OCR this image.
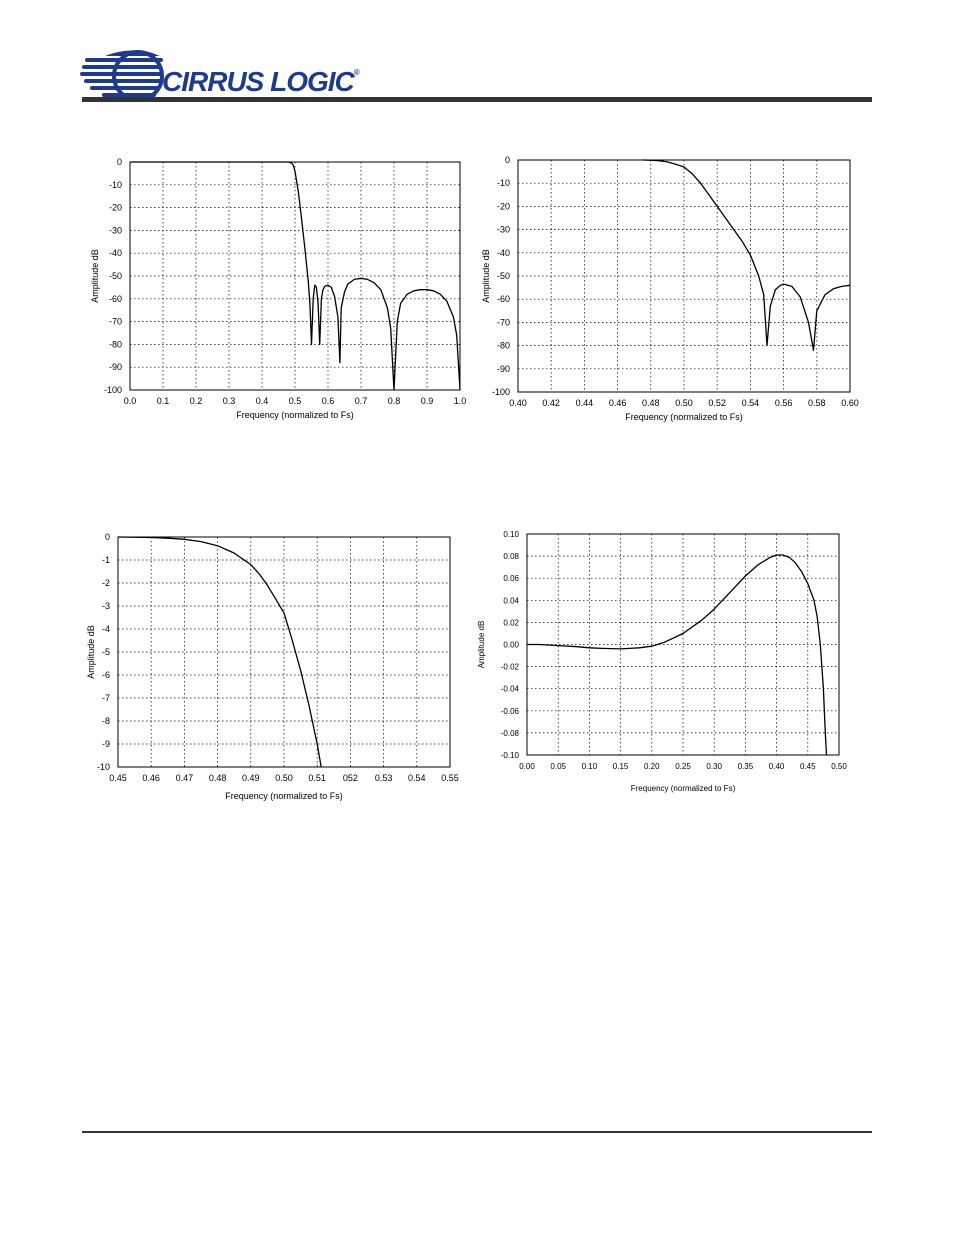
CIRRUS LOGIC®
0.0 0.1 0.2 0.3 0.4 0.5 0.6 0.7 0.8 0.9 1.0
0
-10
-20
-30
-40
-50
-60
-70
-80
-90
-100
Frequency (normalized to Fs)
Amplitude dB
0.40 0.42 0.44 0.46 0.48 0.50 0.52 0.54 0.56 0.58 0.60
0
-10
-20
-30
-40
-50
-60
-70
-80
-90
-100
Frequency (normalized to Fs)
Amplitude dB
0.45 0.46 0.47 0.48 0.49 0.50 0.51 052 0.53 0.54 0.55
0
-1
-2
-3
-4
-5
-6
-7
-8
-9
-10
Frequency (normalized to Fs)
Amplitude dB
0.00 0.05 0.10 0.15 0.20 0.25 0.30 0.35 0.40 0.45 0.50
0.10
0.08
0.06
0.04
0.02
0.00
-0.02
-0.04
-0.06
-0.08
-0.10
Frequency (normalized to Fs)
Amplitude dB
